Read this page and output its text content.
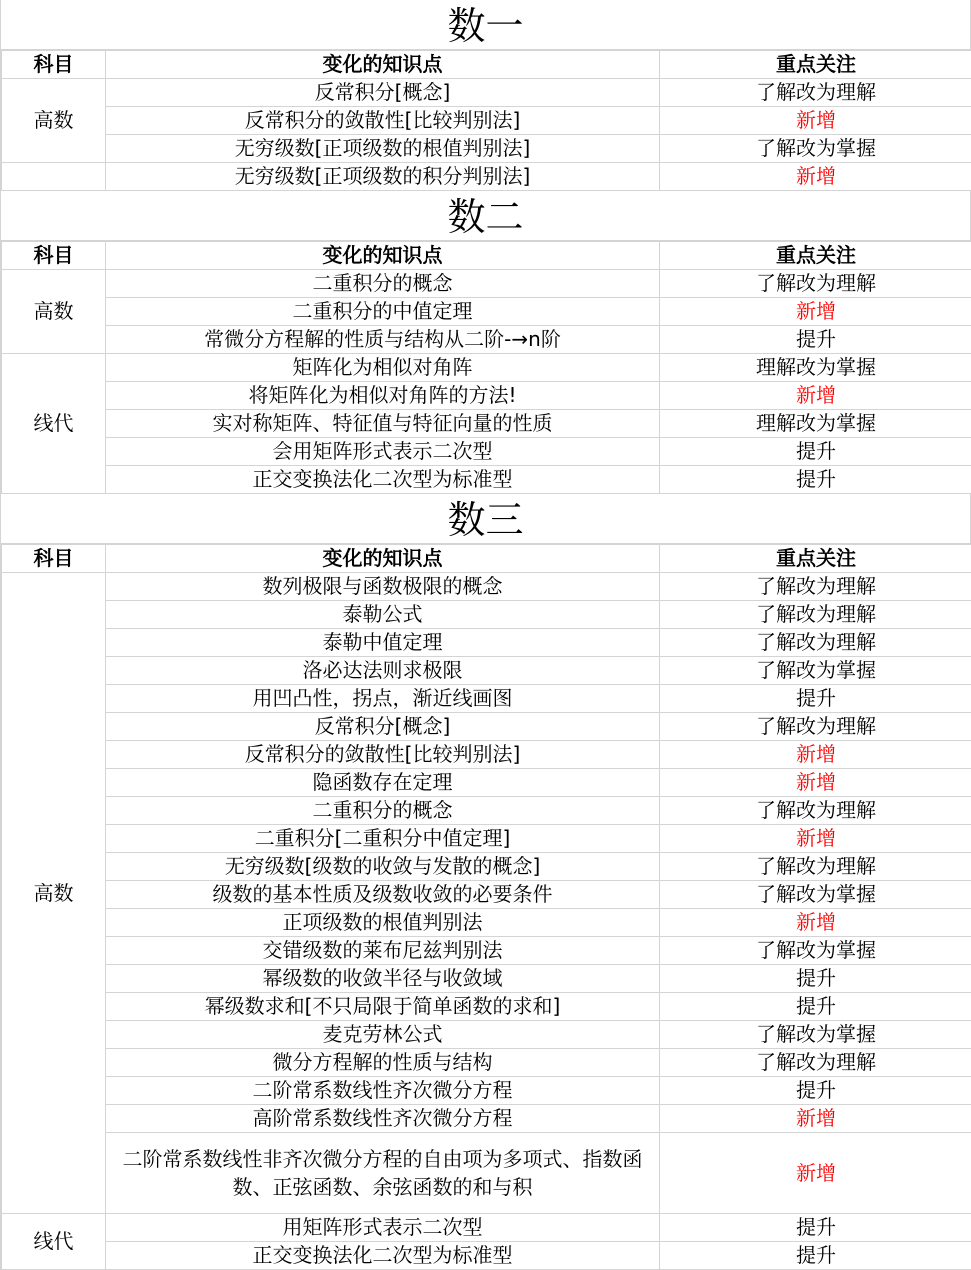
数一
科目	变化的知识点	重点关注
高数	反常积分[概念]	了解改为理解
	反常积分的敛散性[比较判别法]	新增
	无穷级数[正项级数的根值判别法]	了解改为掌握
	无穷级数[正项级数的积分判别法]	新增
数二
科目	变化的知识点	重点关注
高数	二重积分的概念	了解改为理解
	二重积分的中值定理	新增
	常微分方程解的性质与结构从二阶-→n阶	提升
线代	矩阵化为相似对角阵	理解改为掌握
	将矩阵化为相似对角阵的方法!	新增
	实对称矩阵、特征值与特征向量的性质	理解改为掌握
	会用矩阵形式表示二次型	提升
	正交变换法化二次型为标准型	提升
数三
科目	变化的知识点	重点关注
高数	数列极限与函数极限的概念	了解改为理解
	泰勒公式	了解改为理解
	泰勒中值定理	了解改为理解
	洛必达法则求极限	了解改为掌握
	用凹凸性，拐点，渐近线画图	提升
	反常积分[概念]	了解改为理解
	反常积分的敛散性[比较判别法]	新增
	隐函数存在定理	新增
	二重积分的概念	了解改为理解
	二重积分[二重积分中值定理]	新增
	无穷级数[级数的收敛与发散的概念]	了解改为理解
	级数的基本性质及级数收敛的必要条件	了解改为掌握
	正项级数的根值判别法	新增
	交错级数的莱布尼兹判别法	了解改为掌握
	幂级数的收敛半径与收敛域	提升
	幂级数求和[不只局限于简单函数的求和]	提升
	麦克劳林公式	了解改为掌握
	微分方程解的性质与结构	了解改为理解
	二阶常系数线性齐次微分方程	提升
	高阶常系数线性齐次微分方程	新增
	二阶常系数线性非齐次微分方程的自由项为多项式、指数函数、正弦函数、余弦函数的和与积	新增
线代	用矩阵形式表示二次型	提升
	正交变换法化二次型为标准型	提升
